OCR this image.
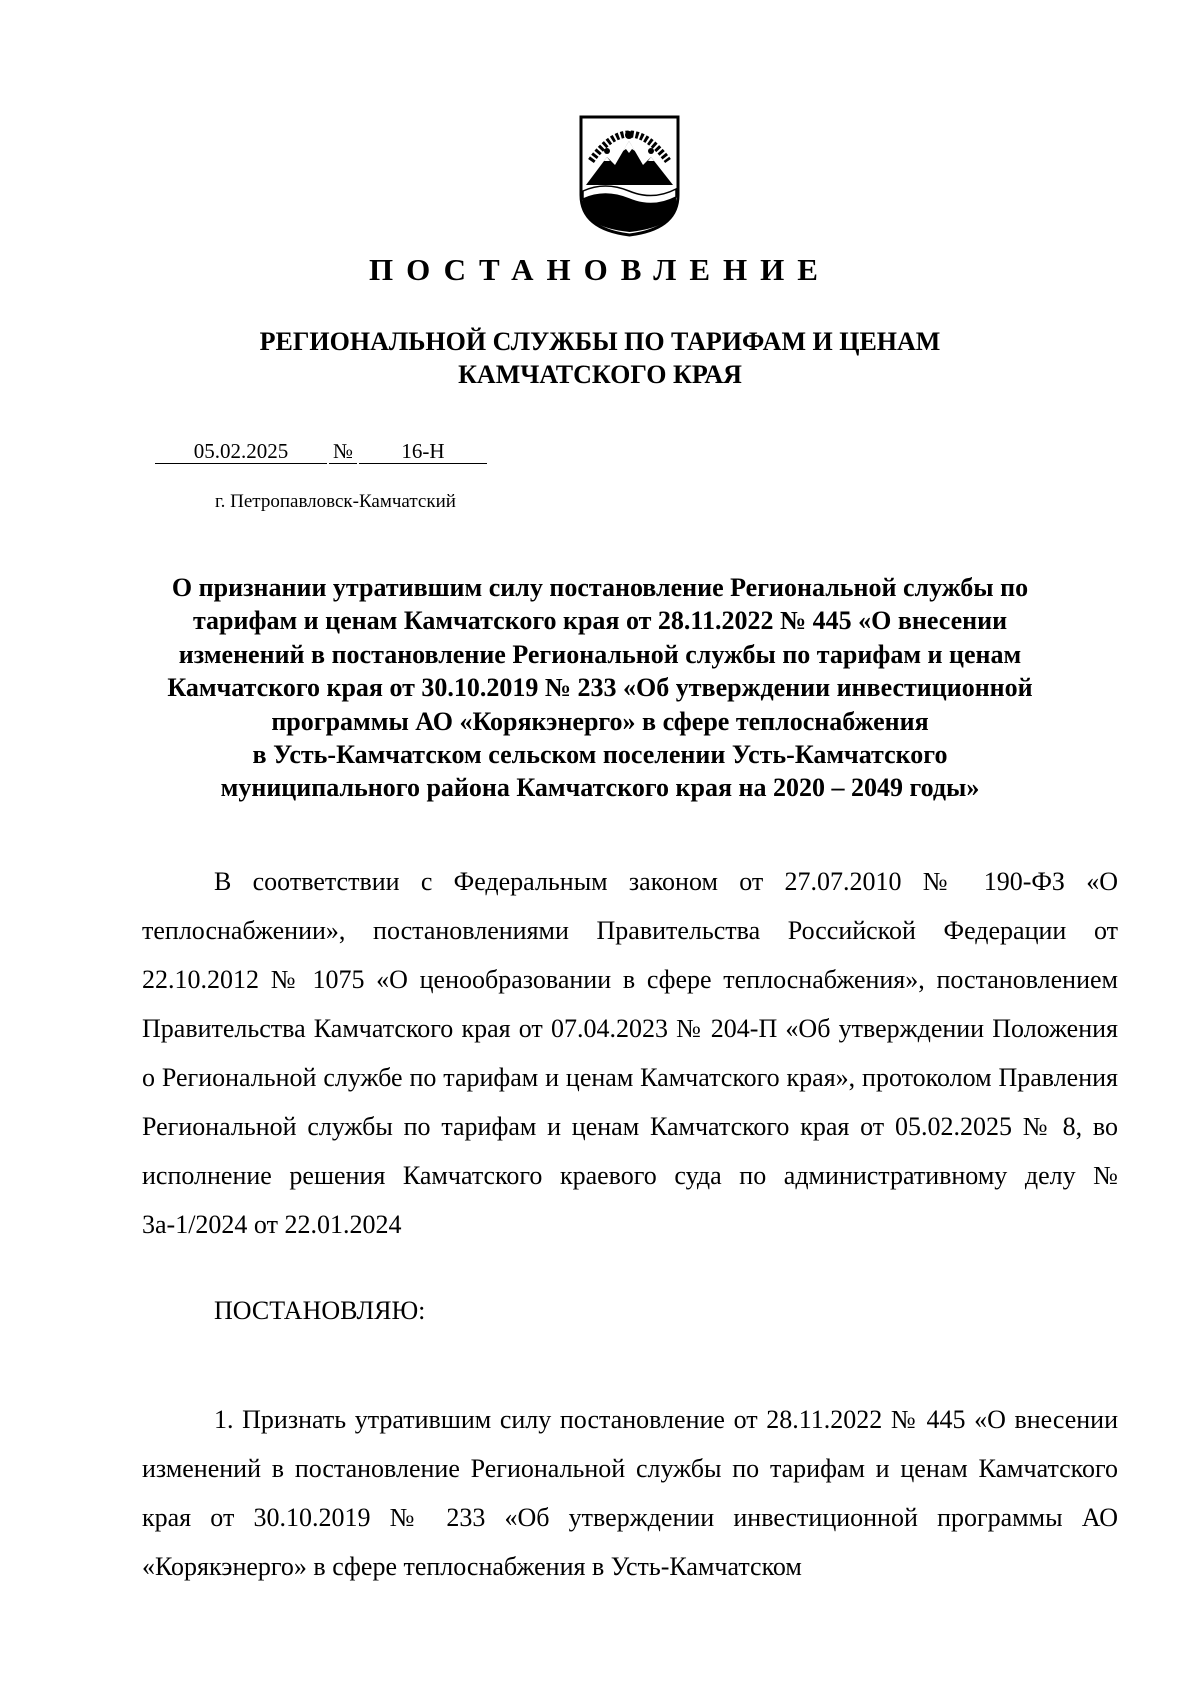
ПОСТАНОВЛЕНИЕ
РЕГИОНАЛЬНОЙ СЛУЖБЫ ПО ТАРИФАМ И ЦЕНАМ
КАМЧАТСКОГО КРАЯ
05.02.2025 № 16-Н
г. Петропавловск-Камчатский
О признании утратившим силу постановление Региональной службы по
тарифам и ценам Камчатского края от 28.11.2022 № 445 «О внесении
изменений в постановление Региональной службы по тарифам и ценам
Камчатского края от 30.10.2019 № 233 «Об утверждении инвестиционной
программы АО «Корякэнерго» в сфере теплоснабжения
в Усть-Камчатском сельском поселении Усть-Камчатского
муниципального района Камчатского края на 2020 – 2049 годы»

В соответствии с Федеральным законом от 27.07.2010 № 190-ФЗ «О теплоснабжении», постановлениями Правительства Российской Федерации от 22.10.2012 № 1075 «О ценообразовании в сфере теплоснабжения», постановлением Правительства Камчатского края от 07.04.2023 № 204-П «Об утверждении Положения о Региональной службе по тарифам и ценам Камчатского края», протоколом Правления Региональной службы по тарифам и ценам Камчатского края от 05.02.2025 № 8, во исполнение решения Камчатского краевого суда по административному делу № 3а-1/2024 от 22.01.2024

ПОСТАНОВЛЯЮ:

1. Признать утратившим силу постановление от 28.11.2022 № 445 «О внесении изменений в постановление Региональной службы по тарифам и ценам Камчатского края от 30.10.2019 № 233 «Об утверждении инвестиционной программы АО «Корякэнерго» в сфере теплоснабжения в Усть-Камчатском
